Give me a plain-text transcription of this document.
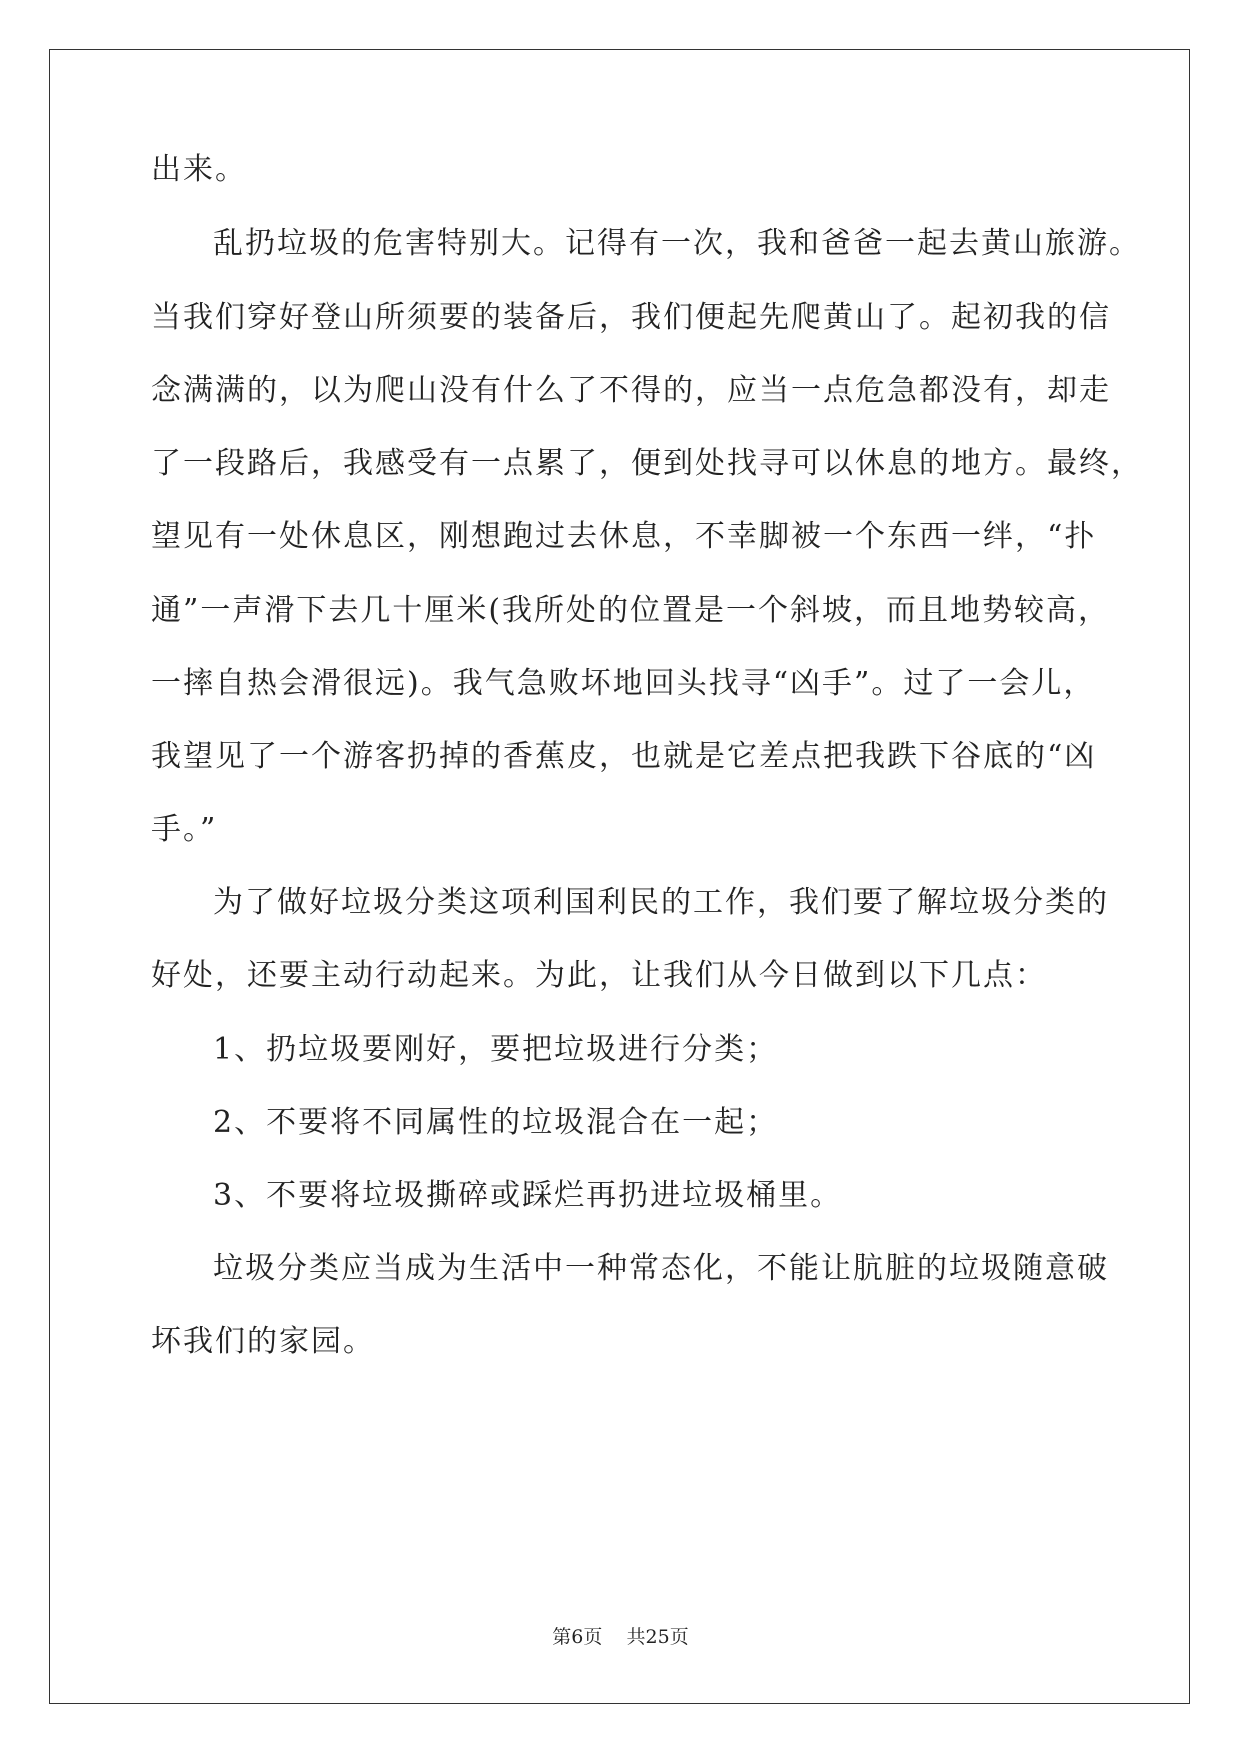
出来。
乱扔垃圾的危害特别大。记得有一次，我和爸爸一起去黄山旅游。
当我们穿好登山所须要的装备后，我们便起先爬黄山了。起初我的信
念满满的，以为爬山没有什么了不得的，应当一点危急都没有，却走
了一段路后，我感受有一点累了，便到处找寻可以休息的地方。最终，
望见有一处休息区，刚想跑过去休息，不幸脚被一个东西一绊，“扑
通”一声滑下去几十厘米(我所处的位置是一个斜坡，而且地势较高，
一摔自热会滑很远)。我气急败坏地回头找寻“凶手”。过了一会儿，
我望见了一个游客扔掉的香蕉皮，也就是它差点把我跌下谷底的“凶
手。”
为了做好垃圾分类这项利国利民的工作，我们要了解垃圾分类的
好处，还要主动行动起来。为此，让我们从今日做到以下几点：
1、扔垃圾要刚好，要把垃圾进行分类；
2、不要将不同属性的垃圾混合在一起；
3、不要将垃圾撕碎或踩烂再扔进垃圾桶里。
垃圾分类应当成为生活中一种常态化，不能让肮脏的垃圾随意破
坏我们的家园。
第6页 共25页
